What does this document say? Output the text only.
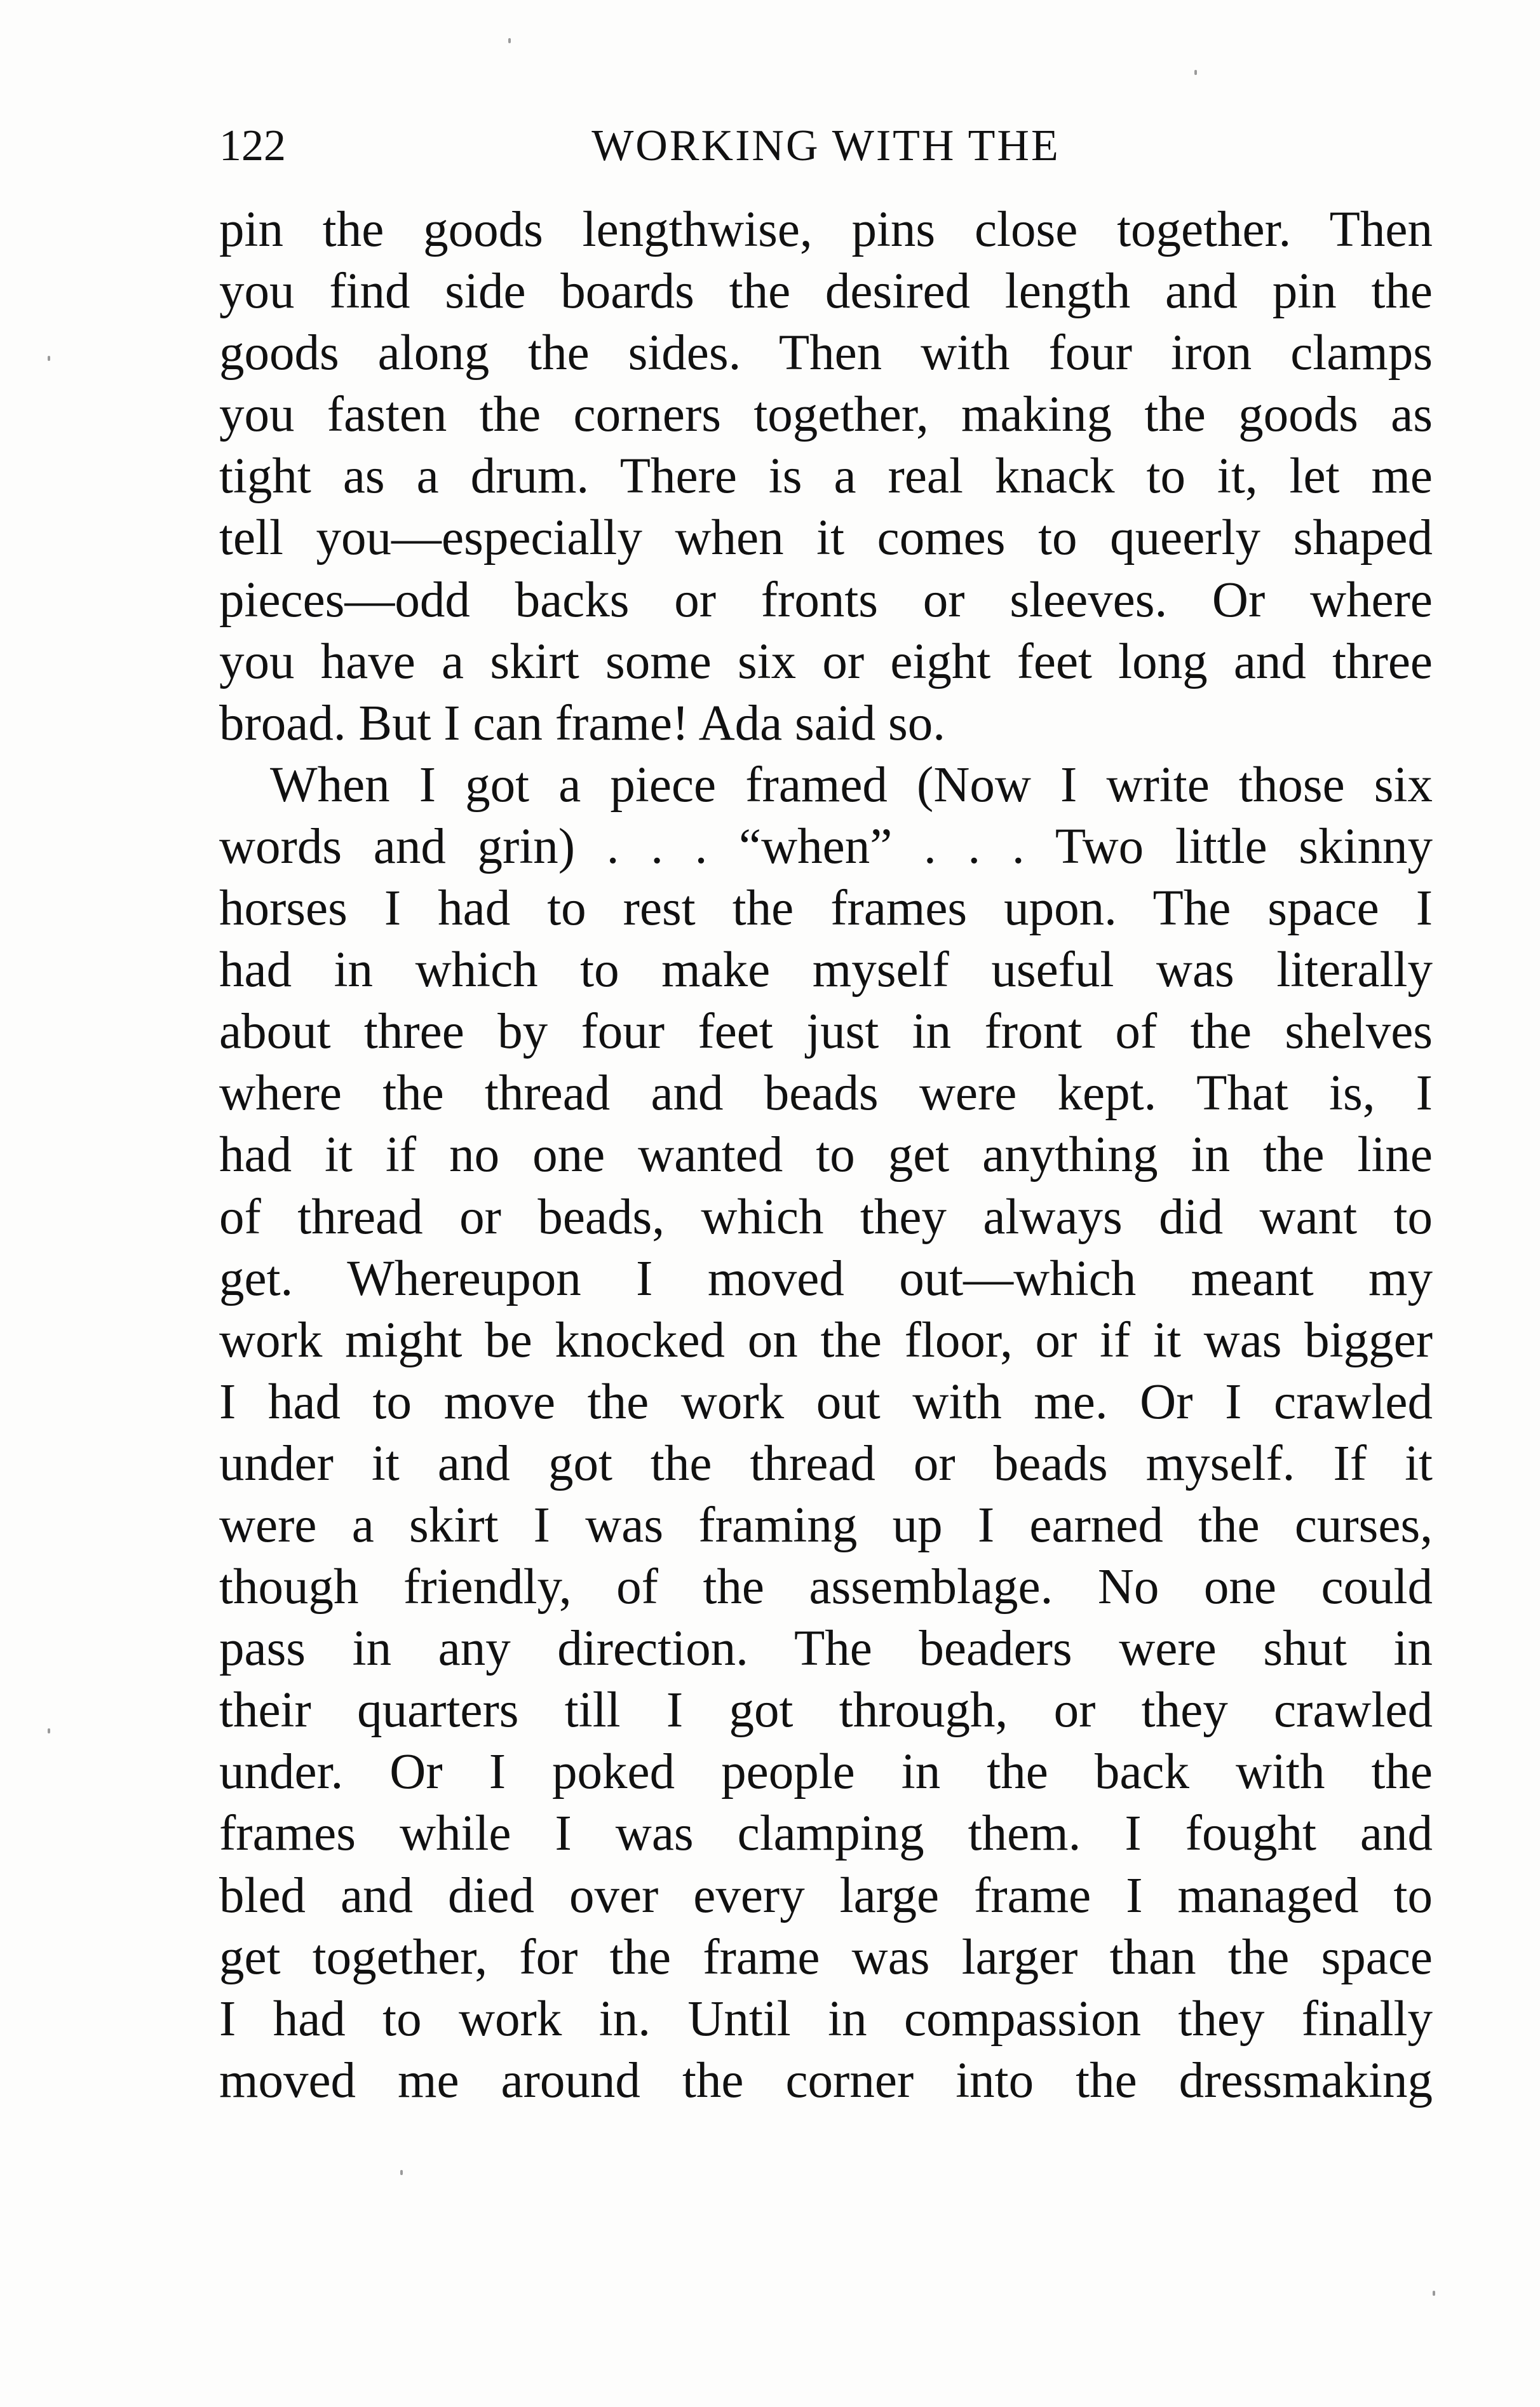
122	WORKING WITH THE
pin the goods lengthwise, pins close together. Then
you find side boards the desired length and pin the
goods along the sides. Then with four iron clamps
you fasten the corners together, making the goods as
tight as a drum. There is a real knack to it, let me
tell you—especially when it comes to queerly shaped
pieces—odd backs or fronts or sleeves. Or where
you have a skirt some six or eight feet long and three
broad. But I can frame! Ada said so.
When I got a piece framed (Now I write those six
words and grin) . . . “when” . . . Two little skinny
horses I had to rest the frames upon. The space I
had in which to make myself useful was literally
about three by four feet just in front of the shelves
where the thread and beads were kept. That is, I
had it if no one wanted to get anything in the line
of thread or beads, which they always did want to
get. Whereupon I moved out—which meant my
work might be knocked on the floor, or if it was bigger
I had to move the work out with me. Or I crawled
under it and got the thread or beads myself. If it
were a skirt I was framing up I earned the curses,
though friendly, of the assemblage. No one could
pass in any direction. The beaders were shut in
their quarters till I got through, or they crawled
under. Or I poked people in the back with the
frames while I was clamping them. I fought and
bled and died over every large frame I managed to
get together, for the frame was larger than the space
I had to work in. Until in compassion they finally
moved me around the corner into the dressmaking
